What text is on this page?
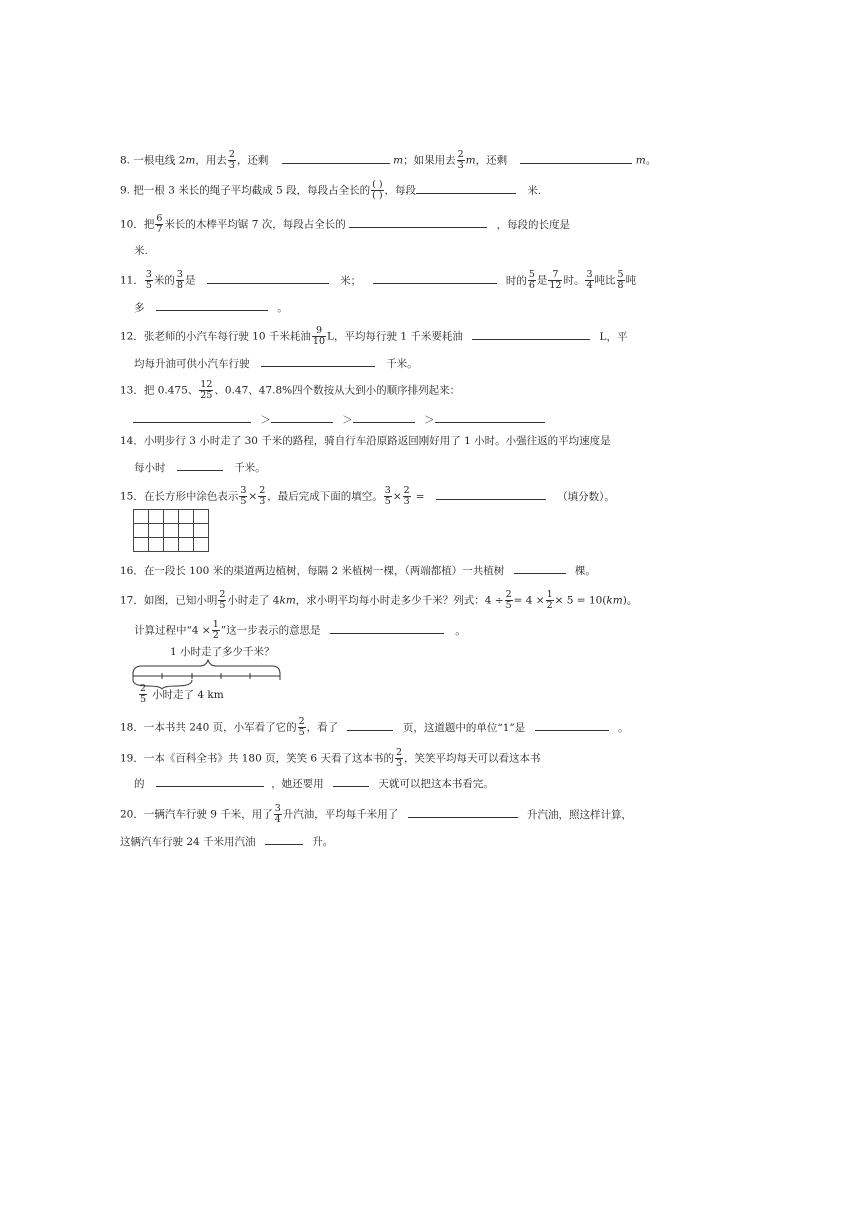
8. 一根电线 2m，用去 $\frac{2}{3}$ ，还剩	m；如果用去 $\frac{2}{3}$ m，还剩	m。
9. 把一根 3 米长的绳子平均截成 5 段，每段占全长的 $\frac{( )}{( )}$ ，每段	米.
10．把 $\frac{6}{7}$ 米长的木棒平均锯 7 次，每段占全长的	，每段的长度是
米.
11． $\frac{3}{5}$ 米的 $\frac{3}{8}$ 是	米；	时的 $\frac{5}{6}$ 是 $\frac{7}{12}$ 时。 $\frac{3}{4}$ 吨比 $\frac{5}{8}$ 吨
多	。
12．张老师的小汽车每行驶 10 千米耗油 $\frac{9}{10}$ L，平均每行驶 1 千米要耗油	L，平
均每升油可供小汽车行驶	千米。
13．把 0.475、 $\frac{12}{25}$ 、0.47、47.8%四个数按从大到小的顺序排列起来：
＞	＞	＞
14．小明步行 3 小时走了 30 千米的路程，骑自行车沿原路返回刚好用了 1 小时。小强往返的平均速度是
每小时	千米。
15．在长方形中涂色表示 $\frac{3}{5} \times \frac{2}{3}$ ，最后完成下面的填空。 $\frac{3}{5} \times \frac{2}{3}$ =	（填分数）。

16．在一段长 100 米的渠道两边植树，每隔 2 米植树一棵，（两端都植）一共植树	棵。
17．如图，已知小明 $\frac{2}{5}$ 小时走了 4km，求小明平均每小时走多少千米？列式：$4 \div \frac{2}{5} = 4 \times \frac{1}{2} \times 5 = 10(km)$。
计算过程中“$4 \times \frac{1}{2}$ ”这一步表示的意思是	。
1 小时走了多少千米？
$\frac{2}{5}$ 小时走了 4 km
18．一本书共 240 页，小军看了它的 $\frac{2}{5}$ ，看了	页，这道题中的单位“1”是	。
19．一本《百科全书》共 180 页，笑笑 6 天看了这本书的 $\frac{2}{3}$ ，笑笑平均每天可以看这本书
的	，她还要用	天就可以把这本书看完。
20．一辆汽车行驶 9 千米，用了 $\frac{3}{4}$ 升汽油，平均每千米用了	升汽油，照这样计算，
这辆汽车行驶 24 千米用汽油	升。
